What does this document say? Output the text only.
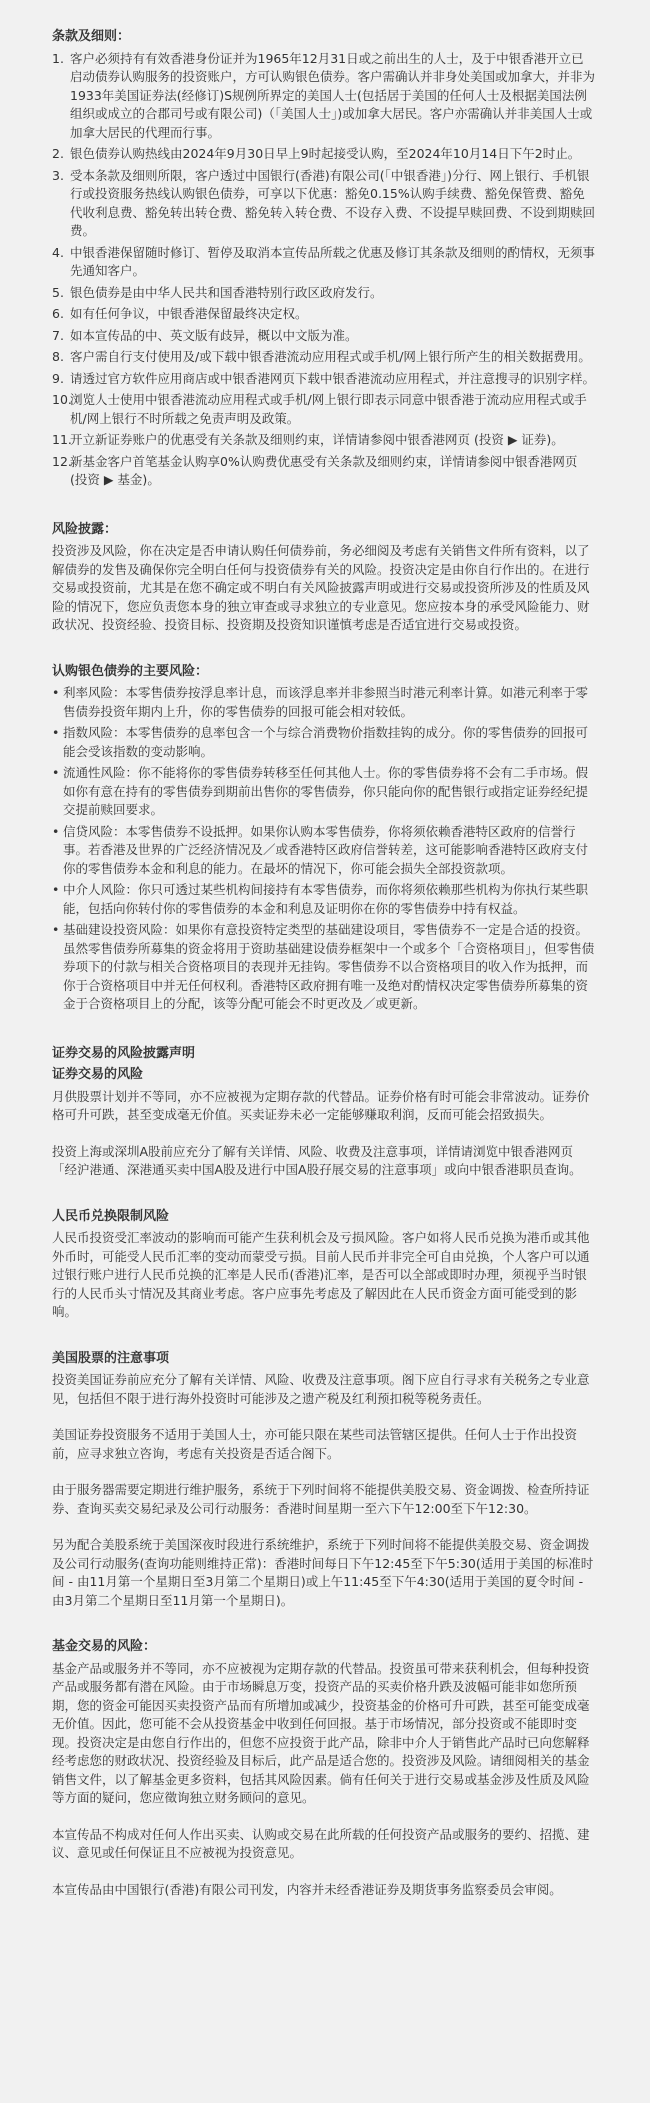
条款及细则：
1. 客户必须持有有效香港身份证并为1965年12月31日或之前出生的人士，及于中银香港开立已启动债券认购服务的投资账户，方可认购银色债券。客户需确认并非身处美国或加拿大，并非为1933年美国证券法(经修订)S规例所界定的美国人士(包括居于美国的任何人士及根据美国法例组织或成立的合郡司号或有限公司)（「美国人士」)或加拿大居民。客户亦需确认并非美国人士或加拿大居民的代理而行事。
2. 银色债券认购热线由2024年9月30日早上9时起接受认购，至2024年10月14日下午2时止。
3. 受本条款及细则所限，客户透过中国银行(香港)有限公司(「中银香港」)分行、网上银行、手机银行或投资服务热线认购银色债券，可享以下优惠：豁免0.15%认购手续费、豁免保管费、豁免代收利息费、豁免转出转仓费、豁免转入转仓费、不设存入费、不设提早赎回费、不设到期赎回费。
4. 中银香港保留随时修订、暂停及取消本宣传品所载之优惠及修订其条款及细则的酌情权，无须事先通知客户。
5. 银色债券是由中华人民共和国香港特别行政区政府发行。
6. 如有任何争议，中银香港保留最终决定权。
7. 如本宣传品的中、英文版有歧异，概以中文版为准。
8. 客户需自行支付使用及/或下载中银香港流动应用程式或手机/网上银行所产生的相关数据费用。
9. 请透过官方软件应用商店或中银香港网页下载中银香港流动应用程式，并注意搜寻的识别字样。
10.
浏览人士使用中银香港流动应用程式或手机/网上银行即表示同意中银香港于流动应用程式或手机/网上银行不时所载之免责声明及政策。
11.
开立新证券账户的优惠受有关条款及细则约束，详情请参阅中银香港网页 (投资 ▶ 证券)。
12.
新基金客户首笔基金认购享0%认购费优惠受有关条款及细则约束，详情请参阅中银香港网页 (投资 ▶ 基金)。
风险披露：

投资涉及风险，你在决定是否申请认购任何债券前，务必细阅及考虑有关销售文件所有资料，以了解债券的发售及确保你完全明白任何与投资债券有关的风险。投资决定是由你自行作出的。在进行交易或投资前，尤其是在您不确定或不明白有关风险披露声明或进行交易或投资所涉及的性质及风险的情况下，您应负责您本身的独立审查或寻求独立的专业意见。您应按本身的承受风险能力、财政状况、投资经验、投资目标、投资期及投资知识谨慎考虑是否适宜进行交易或投资。

认购银色债券的主要风险：
• 利率风险：本零售债券按浮息率计息，而该浮息率并非参照当时港元利率计算。如港元利率于零售债券投资年期内上升，你的零售债券的回报可能会相对较低。
• 指数风险：本零售债券的息率包含一个与综合消费物价指数挂钩的成分。你的零售债券的回报可能会受该指数的变动影响。
• 流通性风险：你不能将你的零售债券转移至任何其他人士。你的零售债券将不会有二手市场。假如你有意在持有的零售债券到期前出售你的零售债券，你只能向你的配售银行或指定证券经纪提交提前赎回要求。
• 信贷风险：本零售债券不设抵押。如果你认购本零售债券，你将须依赖香港特区政府的信誉行事。若香港及世界的广泛经济情况及／或香港特区政府信誉转差，这可能影响香港特区政府支付你的零售债券本金和利息的能力。在最坏的情况下，你可能会损失全部投资款项。
• 中介人风险：你只可透过某些机构间接持有本零售债券，而你将须依赖那些机构为你执行某些职能，包括向你转付你的零售债券的本金和利息及证明你在你的零售债券中持有权益。
• 基础建设投资风险：如果你有意投资特定类型的基础建设项目，零售债券不一定是合适的投资。虽然零售债券所募集的资金将用于资助基础建设债券框架中一个或多个「合资格项目」，但零售债券项下的付款与相关合资格项目的表现并无挂钩。零售债券不以合资格项目的收入作为抵押，而你于合资格项目中并无任何权利。香港特区政府拥有唯一及绝对酌情权决定零售债券所募集的资金于合资格项目上的分配，该等分配可能会不时更改及／或更新。
证券交易的风险披露声明
证券交易的风险

月供股票计划并不等同，亦不应被视为定期存款的代替品。证券价格有时可能会非常波动。证券价格可升可跌，甚至变成毫无价值。买卖证券未必一定能够赚取利润，反而可能会招致损失。

投资上海或深圳A股前应充分了解有关详情、风险、收费及注意事项，详情请浏览中银香港网页「经沪港通、深港通买卖中国A股及进行中国A股孖展交易的注意事项」或向中银香港职员查询。

人民币兑换限制风险

人民币投资受汇率波动的影响而可能产生获利机会及亏损风险。客户如将人民币兑换为港币或其他外币时，可能受人民币汇率的变动而蒙受亏损。目前人民币并非完全可自由兑换，个人客户可以通过银行账户进行人民币兑换的汇率是人民币(香港)汇率，是否可以全部或即时办理，须视乎当时银行的人民币头寸情况及其商业考虑。客户应事先考虑及了解因此在人民币资金方面可能受到的影响。

美国股票的注意事项

投资美国证券前应充分了解有关详情、风险、收费及注意事项。阁下应自行寻求有关税务之专业意见，包括但不限于进行海外投资时可能涉及之遗产税及红利预扣税等税务责任。

美国证券投资服务不适用于美国人士，亦可能只限在某些司法管辖区提供。任何人士于作出投资前，应寻求独立咨询，考虑有关投资是否适合阁下。

由于服务器需要定期进行维护服务，系统于下列时间将不能提供美股交易、资金调拨、检查所持证券、查询买卖交易纪录及公司行动服务：香港时间星期一至六下午12:00至下午12:30。

另为配合美股系统于美国深夜时段进行系统维护，系统于下列时间将不能提供美股交易、资金调拨及公司行动服务(查询功能则维持正常)：香港时间每日下午12:45至下午5:30(适用于美国的标准时间 - 由11月第一个星期日至3月第二个星期日)或上午11:45至下午4:30(适用于美国的夏令时间 - 由3月第二个星期日至11月第一个星期日)。

基金交易的风险：

基金产品或服务并不等同，亦不应被视为定期存款的代替品。投资虽可带来获利机会，但每种投资产品或服务都有潜在风险。由于市场瞬息万变，投资产品的买卖价格升跌及波幅可能非如您所预期，您的资金可能因买卖投资产品而有所增加或减少，投资基金的价格可升可跌，甚至可能变成毫无价值。因此，您可能不会从投资基金中收到任何回报。基于市场情况，部分投资或不能即时变现。投资决定是由您自行作出的，但您不应投资于此产品，除非中介人于销售此产品时已向您解释经考虑您的财政状况、投资经验及目标后，此产品是适合您的。投资涉及风险。请细阅相关的基金销售文件，以了解基金更多资料，包括其风险因素。倘有任何关于进行交易或基金涉及性质及风险等方面的疑问，您应徵询独立财务顾问的意见。

本宣传品不构成对任何人作出买卖、认购或交易在此所载的任何投资产品或服务的要约、招揽、建议、意见或任何保证且不应被视为投资意见。

本宣传品由中国银行(香港)有限公司刊发，内容并未经香港证券及期货事务监察委员会审阅。
